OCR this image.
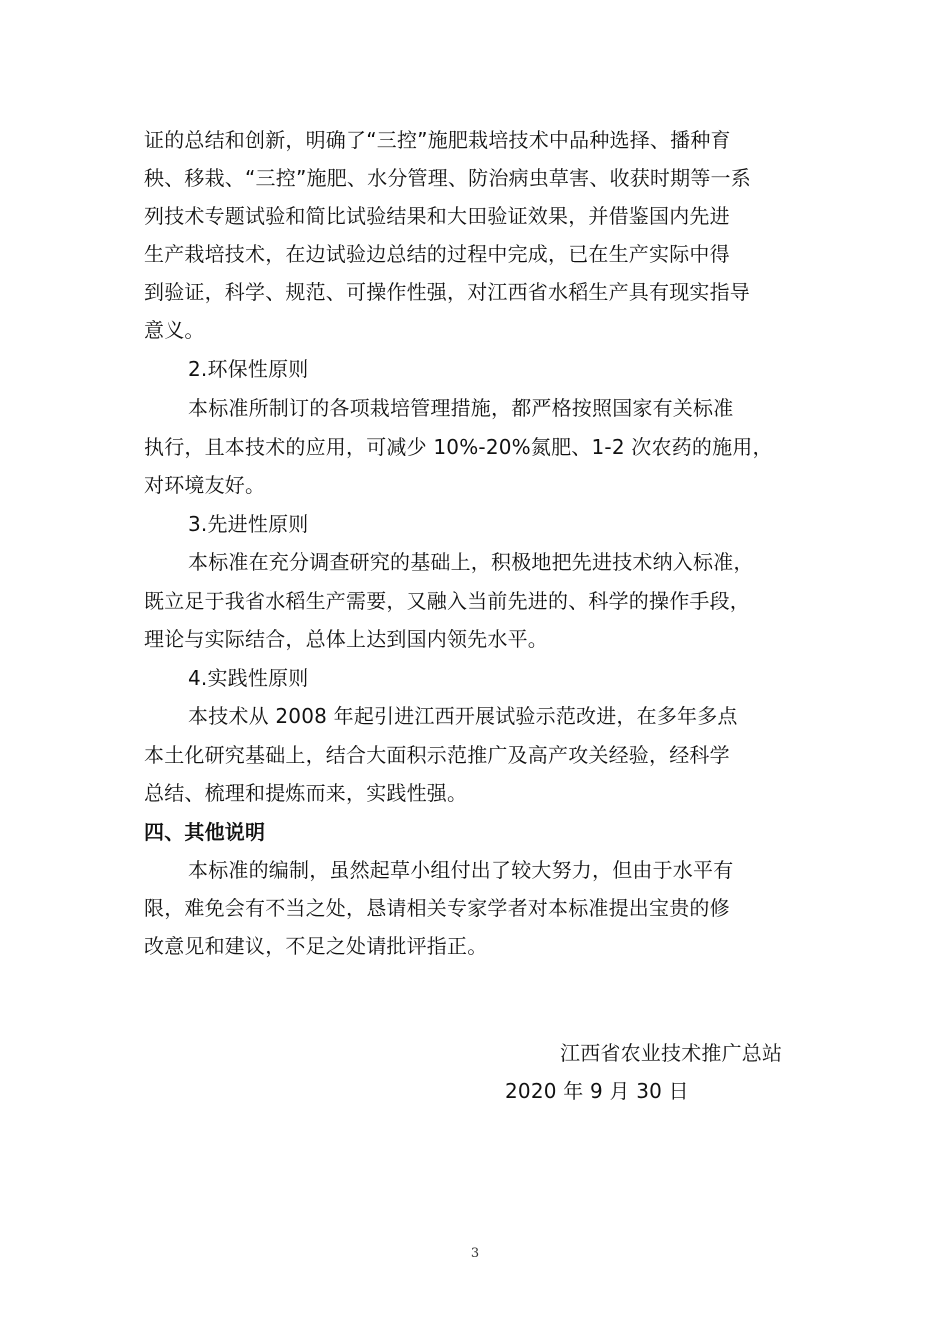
证的总结和创新，明确了“三控”施肥栽培技术中品种选择、播种育
秧、移栽、“三控”施肥、水分管理、防治病虫草害、收获时期等一系
列技术专题试验和简比试验结果和大田验证效果，并借鉴国内先进
生产栽培技术，在边试验边总结的过程中完成，已在生产实际中得
到验证，科学、规范、可操作性强，对江西省水稻生产具有现实指导
意义。
2.环保性原则
本标准所制订的各项栽培管理措施，都严格按照国家有关标准
执行，且本技术的应用，可减少 10%-20%氮肥、1-2 次农药的施用，
对环境友好。
3.先进性原则
本标准在充分调查研究的基础上，积极地把先进技术纳入标准，
既立足于我省水稻生产需要，又融入当前先进的、科学的操作手段，
理论与实际结合，总体上达到国内领先水平。
4.实践性原则
本技术从 2008 年起引进江西开展试验示范改进，在多年多点
本土化研究基础上，结合大面积示范推广及高产攻关经验，经科学
总结、梳理和提炼而来，实践性强。
四、其他说明
本标准的编制，虽然起草小组付出了较大努力，但由于水平有
限，难免会有不当之处，恳请相关专家学者对本标准提出宝贵的修
改意见和建议，不足之处请批评指正。
江西省农业技术推广总站
2020 年 9 月 30 日
3
